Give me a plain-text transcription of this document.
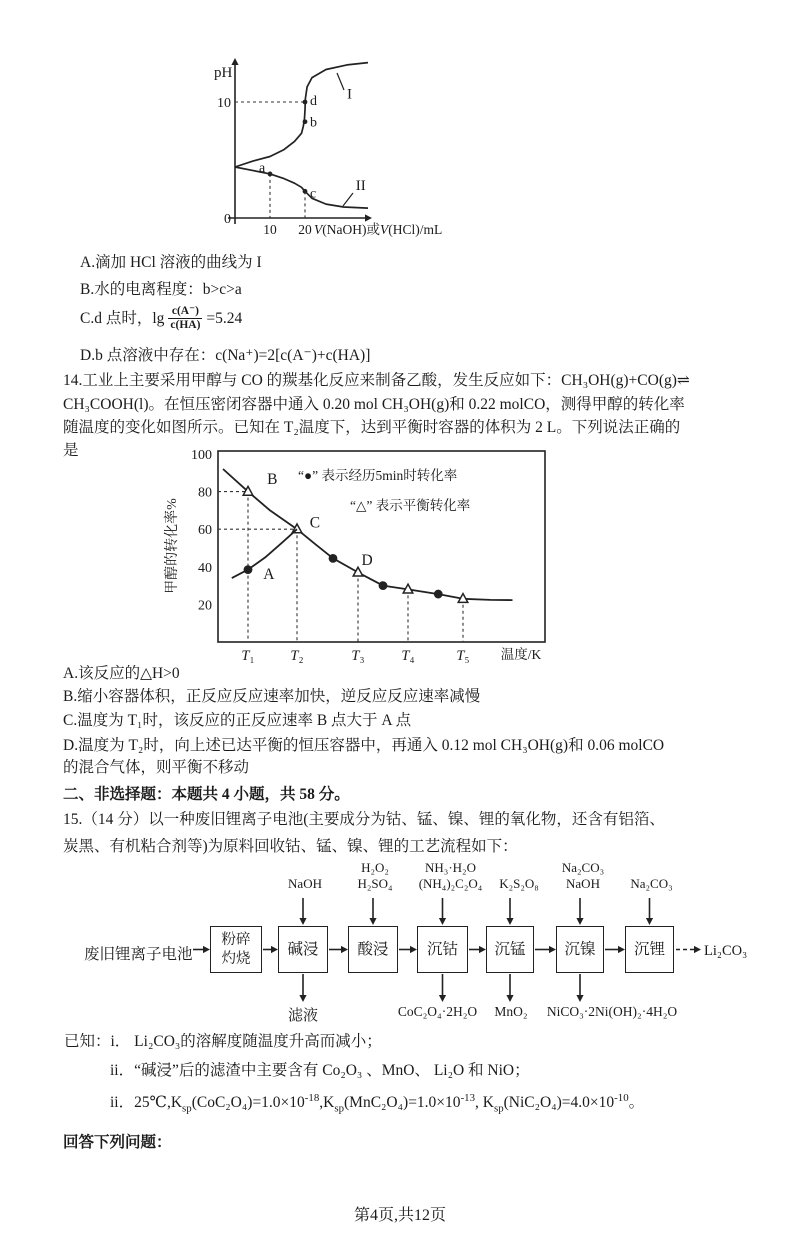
pH
10
0
10 20 V(NaOH)或V(HCl)/mL
a
b
c
d I
II
A.滴加 HCl 溶液的曲线为 I
B.水的电离程度：b>c>a
C.d 点时，$\lg \frac{c(A^-)}{c(HA)} =5.24$
D.b 点溶液中存在：c(Na⁺)=2[c(A⁻)+c(HA)]
14.工业上主要采用甲醇与 CO 的羰基化反应来制备乙酸，发生反应如下：CH₃OH(g)+CO(g)⇌
CH₃COOH(l)。在恒压密闭容器中通入 0.20 mol CH₃OH(g)和 0.22 molCO，测得甲醇的转化率
随温度的变化如图所示。已知在 T₂温度下，达到平衡时容器的体积为 2 L。下列说法正确的
是	100
80
60
40
20
甲醇的转化率%
T₁ T₂	T₃	T₄	T₅ 温度/K
“●” 表示经历5min时转化率
“△” 表示平衡转化率
A
B
C
D
A.该反应的△H>0
B.缩小容器体积，正反应反应速率加快，逆反应反应速率减慢
C.温度为 T₁时，该反应的正反应速率 B 点大于 A 点
D.温度为 T₂时，向上述已达平衡的恒压容器中，再通入 0.12 mol CH₃OH(g)和 0.06 molCO
的混合气体，则平衡不移动
二、非选择题：本题共 4 小题，共 58 分。
15.（14 分）以一种废旧锂离子电池(主要成分为钴、锰、镍、锂的氧化物，还含有铝箔、
炭黑、有机粘合剂等)为原料回收钴、锰、镍、锂的工艺流程如下：
废旧锂离子电池	Li₂CO₃
粉碎
灼烧
碱浸	酸浸 沉钴 沉锰	沉镍 沉锂
NaOH
H₂O₂
H₂SO₄
NH₃·H₂O
(NH₄)₂C₂O₄ K₂S₂O₈
Na₂CO₃
NaOH	Na₂CO₃
滤液	CoC₂O₄·2H₂O MnO₂ NiCO₃·2Ni(OH)₂·4H₂O
已知：i． Li₂CO₃的溶解度随温度升高而减小；
ii．“碱浸”后的滤渣中主要含有 Co₂O₃ 、MnO、 Li₂O 和 NiO；
ii．$25℃,K_{sp}(CoC_2O_4)=1.0\times 10^{-18},K_{sp}(MnC_2O_4)=1.0\times 10^{-13}$, $K_{sp}(NiC_2O_4)=4.0\times 10^{-10}$。
回答下列问题：
第4页,共12页
